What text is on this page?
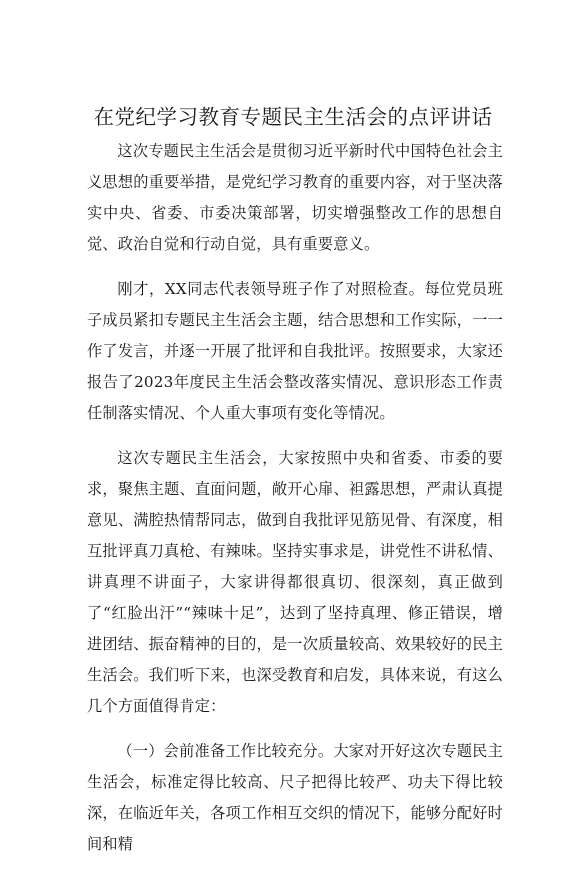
在党纪学习教育专题民主生活会的点评讲话

这次专题民主生活会是贯彻习近平新时代中国特色社会主义思想的重要举措，是党纪学习教育的重要内容，对于坚决落实中央、省委、市委决策部署，切实增强整改工作的思想自觉、政治自觉和行动自觉，具有重要意义。

刚才，XX同志代表领导班子作了对照检查。每位党员班子成员紧扣专题民主生活会主题，结合思想和工作实际，一一作了发言，并逐一开展了批评和自我批评。按照要求，大家还报告了2023年度民主生活会整改落实情况、意识形态工作责任制落实情况、个人重大事项有变化等情况。

这次专题民主生活会，大家按照中央和省委、市委的要求，聚焦主题、直面问题，敞开心扉、袒露思想，严肃认真提意见、满腔热情帮同志，做到自我批评见筋见骨、有深度，相互批评真刀真枪、有辣味。坚持实事求是，讲党性不讲私情、讲真理不讲面子，大家讲得都很真切、很深刻，真正做到了“红脸出汗”“辣味十足”，达到了坚持真理、修正错误，增进团结、振奋精神的目的，是一次质量较高、效果较好的民主生活会。我们听下来，也深受教育和启发，具体来说，有这么几个方面值得肯定：

（一）会前准备工作比较充分。大家对开好这次专题民主生活会，标准定得比较高、尺子把得比较严、功夫下得比较深，在临近年关，各项工作相互交织的情况下，能够分配好时间和精
